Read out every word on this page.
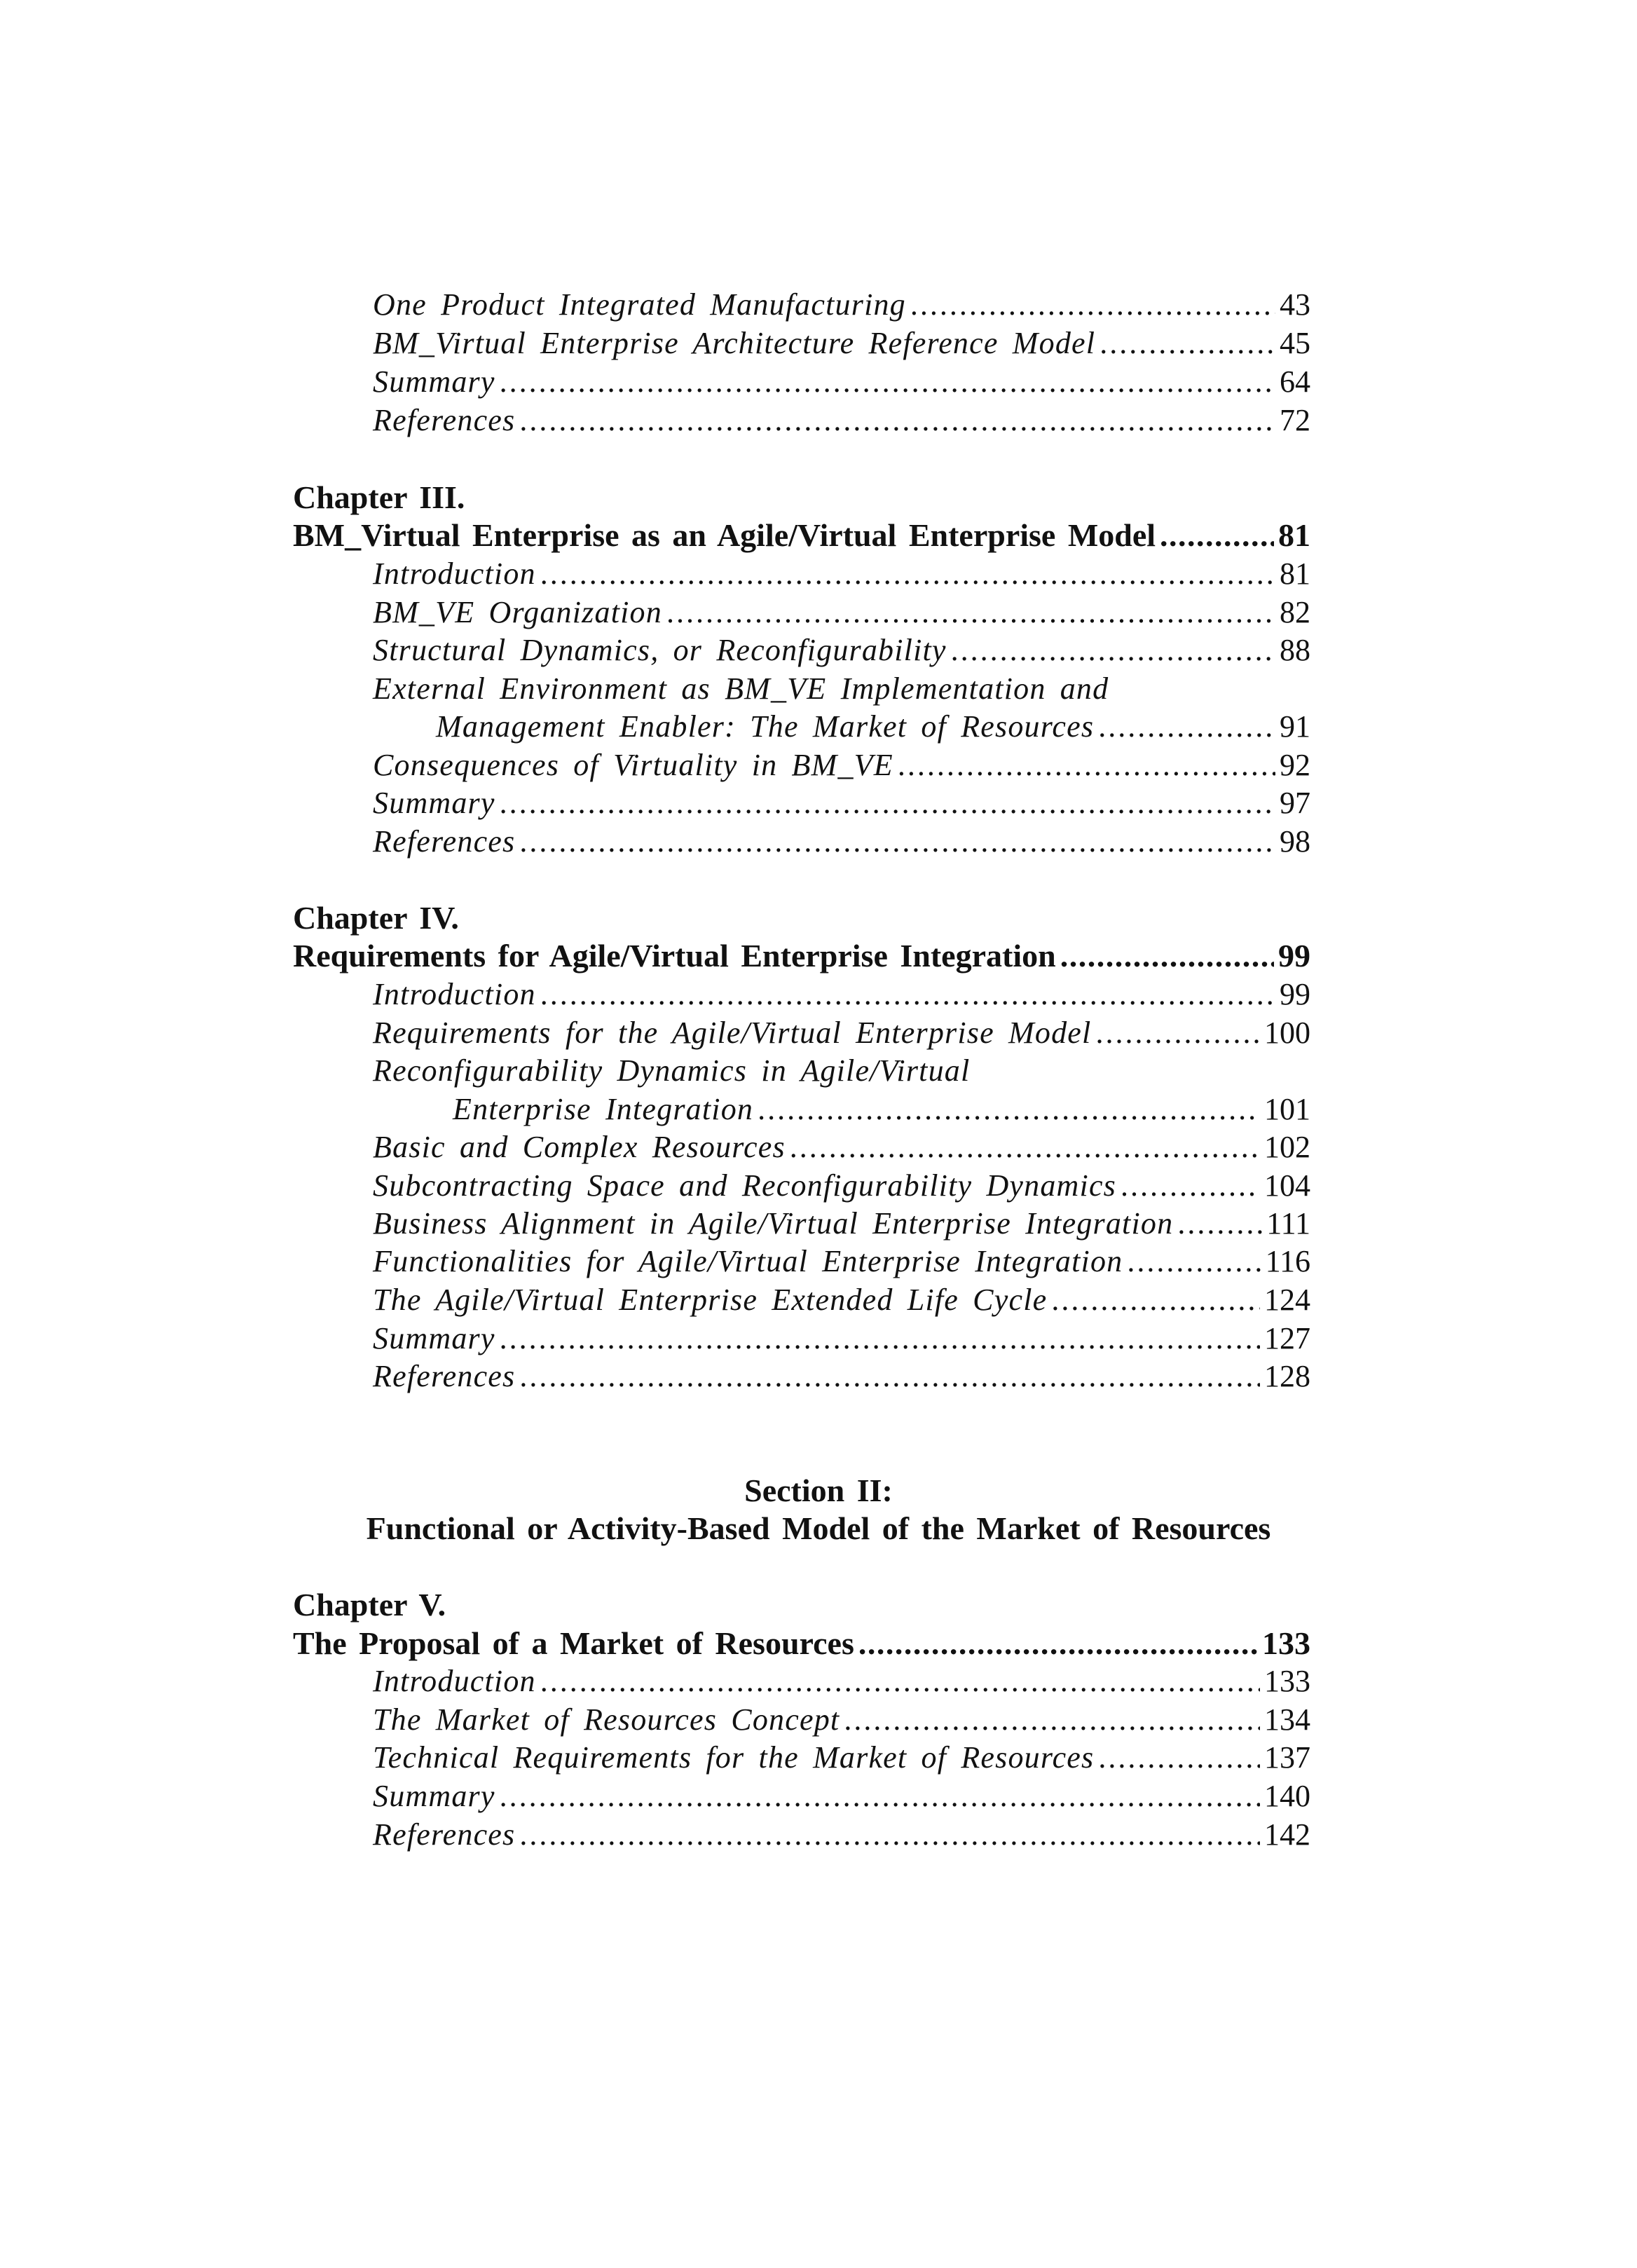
One Product Integrated Manufacturing .....	43
BM_Virtual Enterprise Architecture Reference Model .....	45
Summary .....	64
References .....	72
Chapter III.
BM_Virtual Enterprise as an Agile/Virtual Enterprise Model .....	81
Introduction .....	81
BM_VE Organization .....	82
Structural Dynamics, or Reconfigurability .....	88
External Environment as BM_VE Implementation and
Management Enabler: The Market of Resources .....	91
Consequences of Virtuality in BM_VE .....	92
Summary .....	97
References .....	98
Chapter IV.
Requirements for Agile/Virtual Enterprise Integration .....	99
Introduction .....	99
Requirements for the Agile/Virtual Enterprise Model .....	100
Reconfigurability Dynamics in Agile/Virtual
Enterprise Integration .....	101
Basic and Complex Resources .....	102
Subcontracting Space and Reconfigurability Dynamics .....	104
Business Alignment in Agile/Virtual Enterprise Integration .....	111
Functionalities for Agile/Virtual Enterprise Integration .....	116
The Agile/Virtual Enterprise Extended Life Cycle .....	124
Summary .....	127
References .....	128
Section II:
Functional or Activity-Based Model of the Market of Resources
Chapter V.
The Proposal of a Market of Resources .....	133
Introduction .....	133
The Market of Resources Concept .....	134
Technical Requirements for the Market of Resources .....	137
Summary .....	140
References .....	142
